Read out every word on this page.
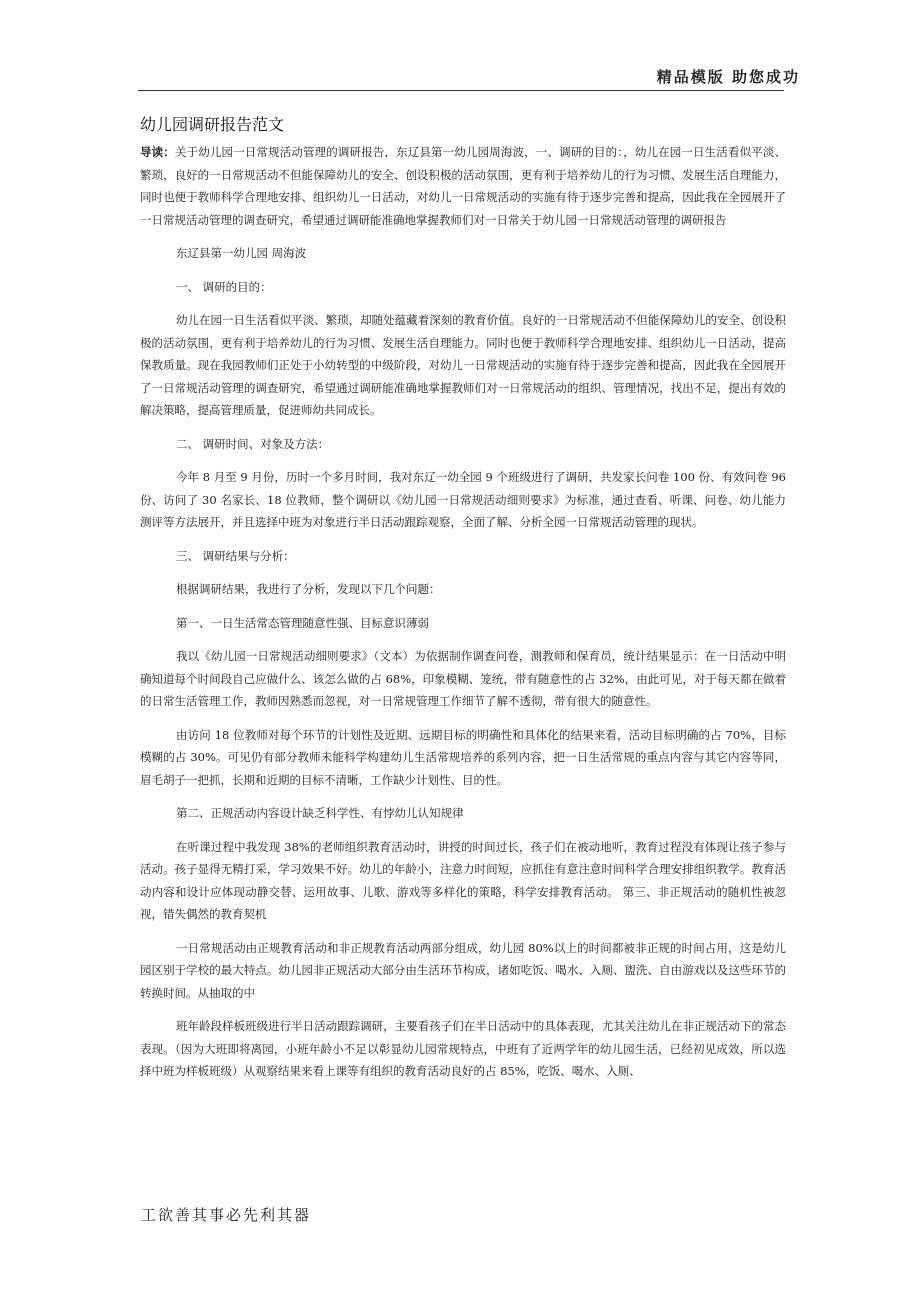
精品模版 助您成功
幼儿园调研报告范文

导读：关于幼儿园一日常规活动管理的调研报告，东辽县第一幼儿园周海波，一、调研的目的：，幼儿在园一日生活看似平淡、繁琐，良好的一日常规活动不但能保障幼儿的安全、创设积极的活动氛围，更有利于培养幼儿的行为习惯、发展生活自理能力，同时也便于教师科学合理地安排、组织幼儿一日活动，对幼儿一日常规活动的实施有待于逐步完善和提高，因此我在全园展开了一日常规活动管理的调查研究，希望通过调研能准确地掌握教师们对一日常关于幼儿园一日常规活动管理的调研报告

东辽县第一幼儿园 周海波

一、 调研的目的：

幼儿在园一日生活看似平淡、繁琐，却随处蕴藏着深刻的教育价值。良好的一日常规活动不但能保障幼儿的安全、创设积极的活动氛围，更有利于培养幼儿的行为习惯、发展生活自理能力。同时也便于教师科学合理地安排、组织幼儿一日活动，提高保教质量。现在我园教师们正处于小幼转型的中级阶段，对幼儿一日常规活动的实施有待于逐步完善和提高，因此我在全园展开了一日常规活动管理的调查研究，希望通过调研能准确地掌握教师们对一日常规活动的组织、管理情况，找出不足，提出有效的解决策略，提高管理质量，促进师幼共同成长。

二、 调研时间、对象及方法：

今年 8 月至 9 月份，历时一个多月时间，我对东辽一幼全园 9 个班级进行了调研，共发家长问卷 100 份、有效问卷 96 份、访问了 30 名家长、18 位教师，整个调研以《幼儿园一日常规活动细则要求》为标准，通过查看、听课、问卷、幼儿能力测评等方法展开，并且选择中班为对象进行半日活动跟踪观察，全面了解、分析全园一日常规活动管理的现状。

三、 调研结果与分析：

根据调研结果，我进行了分析，发现以下几个问题：

第一、一日生活常态管理随意性强、目标意识薄弱

我以《幼儿园一日常规活动细则要求》（文本）为依据制作调查问卷，测教师和保育员，统计结果显示：在一日活动中明确知道每个时间段自己应做什么、该怎么做的占 68%，印象模糊、笼统，带有随意性的占 32%，由此可见，对于每天都在做着的日常生活管理工作，教师因熟悉而忽视，对一日常规管理工作细节了解不透彻，带有很大的随意性。

由访问 18 位教师对每个环节的计划性及近期、远期目标的明确性和具体化的结果来看，活动目标明确的占 70%，目标模糊的占 30%。可见仍有部分教师未能科学构建幼儿生活常规培养的系列内容，把一日生活常规的重点内容与其它内容等同，眉毛胡子一把抓，长期和近期的目标不清晰，工作缺少计划性、目的性。

第二、正规活动内容设计缺乏科学性、有悖幼儿认知规律

在听课过程中我发现 38%的老师组织教育活动时，讲授的时间过长，孩子们在被动地听，教育过程没有体现让孩子参与活动。孩子显得无精打采，学习效果不好。幼儿的年龄小，注意力时间短，应抓住有意注意时间科学合理安排组织教学。教育活动内容和设计应体现动静交替、运用故事、儿歌、游戏等多样化的策略，科学安排教育活动。 第三、非正规活动的随机性被忽视，错失偶然的教育契机

一日常规活动由正规教育活动和非正规教育活动两部分组成，幼儿园 80%以上的时间都被非正规的时间占用，这是幼儿园区别于学校的最大特点。幼儿园非正规活动大部分由生活环节构成，诸如吃饭、喝水、入厕、盥洗、自由游戏以及这些环节的转换时间。从抽取的中

班年龄段样板班级进行半日活动跟踪调研，主要看孩子们在半日活动中的具体表现，尤其关注幼儿在非正规活动下的常态表现。（因为大班即将离园，小班年龄小不足以彰显幼儿园常规特点，中班有了近两学年的幼儿园生活，已经初见成效，所以选择中班为样板班级）从观察结果来看上课等有组织的教育活动良好的占 85%，吃饭、喝水、入厕、

工欲善其事必先利其器
